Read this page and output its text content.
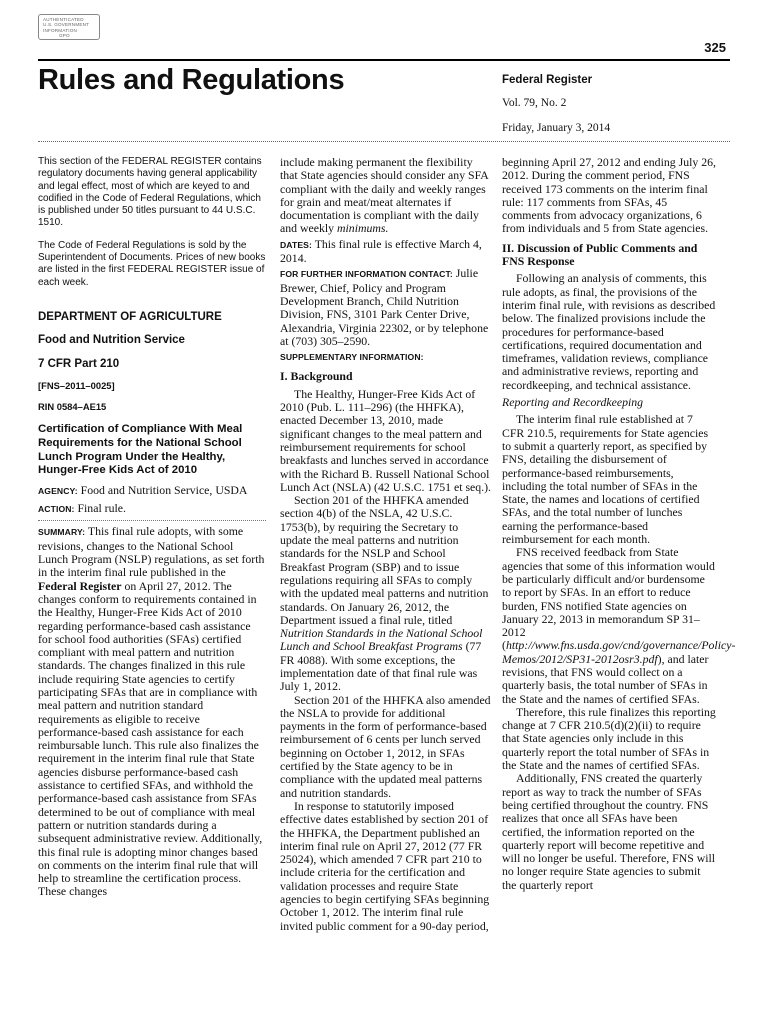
AUTHENTICATED
U.S. GOVERNMENT
INFORMATION
GPO
325
Rules and Regulations	Federal Register
Vol. 79, No. 2
Friday, January 3, 2014

This section of the FEDERAL REGISTER contains regulatory documents having general applicability and legal effect, most of which are keyed to and codified in the Code of Federal Regulations, which is published under 50 titles pursuant to 44 U.S.C. 1510.

The Code of Federal Regulations is sold by the Superintendent of Documents. Prices of new books are listed in the first FEDERAL REGISTER issue of each week.

DEPARTMENT OF AGRICULTURE

Food and Nutrition Service

7 CFR Part 210

[FNS–2011–0025]

RIN 0584–AE15

Certification of Compliance With Meal Requirements for the National School Lunch Program Under the Healthy, Hunger-Free Kids Act of 2010

AGENCY: Food and Nutrition Service, USDA

ACTION: Final rule.

SUMMARY: This final rule adopts, with some revisions, changes to the National School Lunch Program (NSLP) regulations, as set forth in the interim final rule published in the Federal Register on April 27, 2012. The changes conform to requirements contained in the Healthy, Hunger-Free Kids Act of 2010 regarding performance-based cash assistance for school food authorities (SFAs) certified compliant with meal pattern and nutrition standards. The changes finalized in this rule include requiring State agencies to certify participating SFAs that are in compliance with meal pattern and nutrition standard requirements as eligible to receive performance-based cash assistance for each reimbursable lunch. This rule also finalizes the requirement in the interim final rule that State agencies disburse performance-based cash assistance to certified SFAs, and withhold the performance-based cash assistance from SFAs determined to be out of compliance with meal pattern or nutrition standards during a subsequent administrative review. Additionally, this final rule is adopting minor changes based on comments on the interim final rule that will help to streamline the certification process. These changes

include making permanent the flexibility that State agencies should consider any SFA compliant with the daily and weekly ranges for grain and meat/meat alternates if documentation is compliant with the daily and weekly minimums.

DATES: This final rule is effective March 4, 2014.

FOR FURTHER INFORMATION CONTACT: Julie Brewer, Chief, Policy and Program Development Branch, Child Nutrition Division, FNS, 3101 Park Center Drive, Alexandria, Virginia 22302, or by telephone at (703) 305–2590.

SUPPLEMENTARY INFORMATION:

I. Background

The Healthy, Hunger-Free Kids Act of 2010 (Pub. L. 111–296) (the HHFKA), enacted December 13, 2010, made significant changes to the meal pattern and reimbursement requirements for school breakfasts and lunches served in accordance with the Richard B. Russell National School Lunch Act (NSLA) (42 U.S.C. 1751 et seq.).

Section 201 of the HHFKA amended section 4(b) of the NSLA, 42 U.S.C. 1753(b), by requiring the Secretary to update the meal patterns and nutrition standards for the NSLP and School Breakfast Program (SBP) and to issue regulations requiring all SFAs to comply with the updated meal patterns and nutrition standards. On January 26, 2012, the Department issued a final rule, titled Nutrition Standards in the National School Lunch and School Breakfast Programs (77 FR 4088). With some exceptions, the implementation date of that final rule was July 1, 2012.

Section 201 of the HHFKA also amended the NSLA to provide for additional payments in the form of performance-based reimbursement of 6 cents per lunch served beginning on October 1, 2012, in SFAs certified by the State agency to be in compliance with the updated meal patterns and nutrition standards.

In response to statutorily imposed effective dates established by section 201 of the HHFKA, the Department published an interim final rule on April 27, 2012 (77 FR 25024), which amended 7 CFR part 210 to include criteria for the certification and validation processes and require State agencies to begin certifying SFAs beginning October 1, 2012. The interim final rule invited public comment for a 90-day period,

beginning April 27, 2012 and ending July 26, 2012. During the comment period, FNS received 173 comments on the interim final rule: 117 comments from SFAs, 45 comments from advocacy organizations, 6 from individuals and 5 from State agencies.

II. Discussion of Public Comments and FNS Response

Following an analysis of comments, this rule adopts, as final, the provisions of the interim final rule, with revisions as described below. The finalized provisions include the procedures for performance-based certifications, required documentation and timeframes, validation reviews, compliance and administrative reviews, reporting and recordkeeping, and technical assistance.

Reporting and Recordkeeping

The interim final rule established at 7 CFR 210.5, requirements for State agencies to submit a quarterly report, as specified by FNS, detailing the disbursement of performance-based reimbursements, including the total number of SFAs in the State, the names and locations of certified SFAs, and the total number of lunches earning the performance-based reimbursement for each month.

FNS received feedback from State agencies that some of this information would be particularly difficult and/or burdensome to report by SFAs. In an effort to reduce burden, FNS notified State agencies on January 22, 2013 in memorandum SP 31–2012 (http://www.fns.usda.gov/cnd/governance/Policy-Memos/2012/SP31-2012osr3.pdf), and later revisions, that FNS would collect on a quarterly basis, the total number of SFAs in the State and the names of certified SFAs.

Therefore, this rule finalizes this reporting change at 7 CFR 210.5(d)(2)(ii) to require that State agencies only include in this quarterly report the total number of SFAs in the State and the names of certified SFAs.

Additionally, FNS created the quarterly report as way to track the number of SFAs being certified throughout the country. FNS realizes that once all SFAs have been certified, the information reported on the quarterly report will become repetitive and will no longer be useful. Therefore, FNS will no longer require State agencies to submit the quarterly report
